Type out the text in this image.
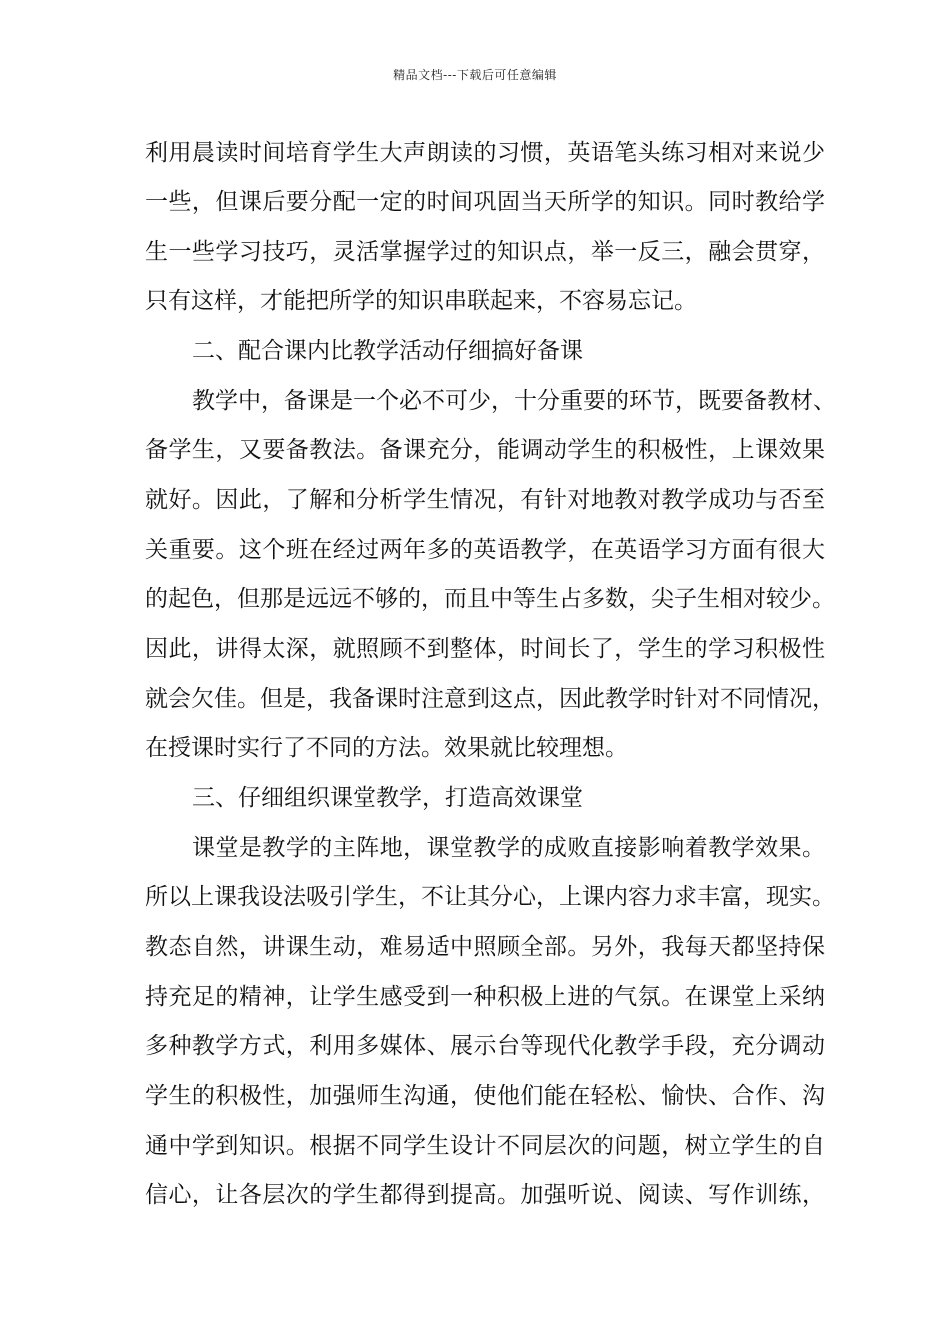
精品文档---下载后可任意编辑
利用晨读时间培育学生大声朗读的习惯，英语笔头练习相对来说少
一些，但课后要分配一定的时间巩固当天所学的知识。同时教给学
生一些学习技巧，灵活掌握学过的知识点，举一反三，融会贯穿，
只有这样，才能把所学的知识串联起来，不容易忘记。
二、配合课内比教学活动仔细搞好备课
教学中，备课是一个必不可少，十分重要的环节，既要备教材、
备学生，又要备教法。备课充分，能调动学生的积极性，上课效果
就好。因此，了解和分析学生情况，有针对地教对教学成功与否至
关重要。这个班在经过两年多的英语教学，在英语学习方面有很大
的起色，但那是远远不够的，而且中等生占多数，尖子生相对较少。
因此，讲得太深，就照顾不到整体，时间长了，学生的学习积极性
就会欠佳。但是，我备课时注意到这点，因此教学时针对不同情况，
在授课时实行了不同的方法。效果就比较理想。
三、仔细组织课堂教学，打造高效课堂
课堂是教学的主阵地，课堂教学的成败直接影响着教学效果。
所以上课我设法吸引学生，不让其分心，上课内容力求丰富，现实。
教态自然，讲课生动，难易适中照顾全部。另外，我每天都坚持保
持充足的精神，让学生感受到一种积极上进的气氛。在课堂上采纳
多种教学方式，利用多媒体、展示台等现代化教学手段，充分调动
学生的积极性，加强师生沟通，使他们能在轻松、愉快、合作、沟
通中学到知识。根据不同学生设计不同层次的问题，树立学生的自
信心，让各层次的学生都得到提高。加强听说、阅读、写作训练，
